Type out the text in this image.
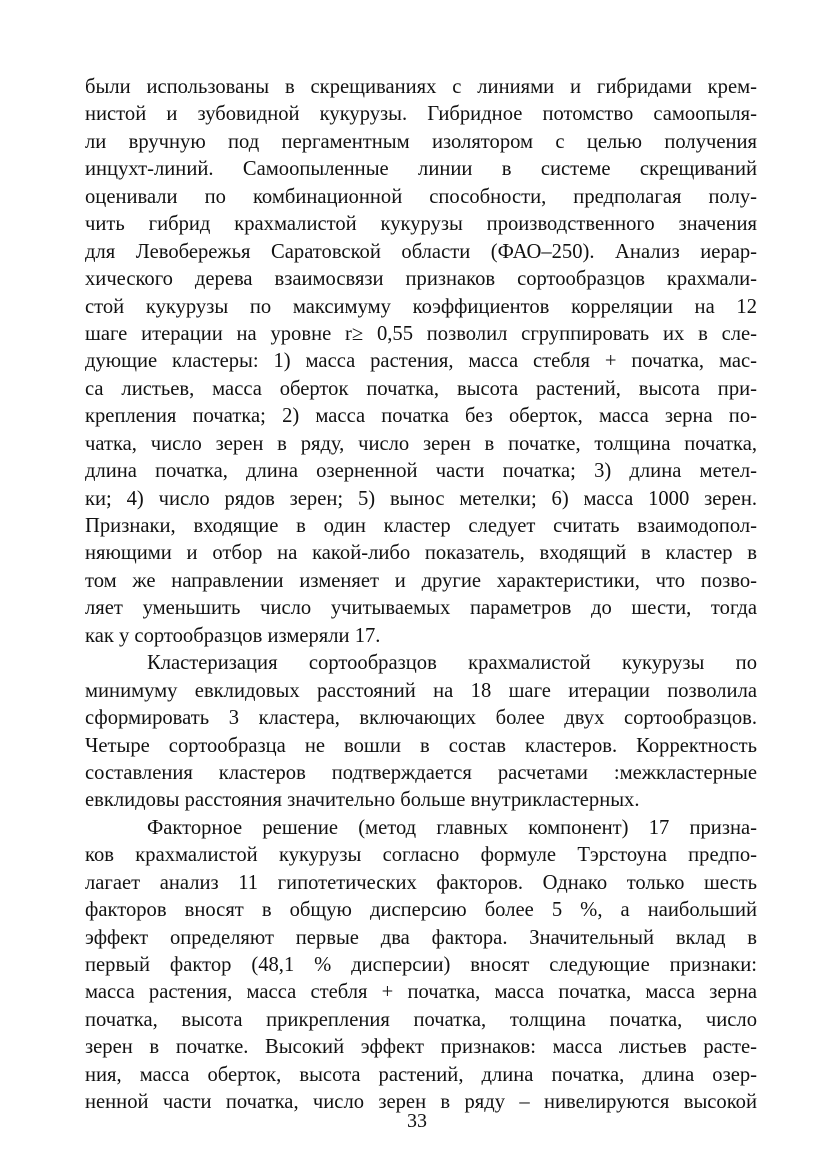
были использованы в скрещиваниях с линиями и гибридами крем-
нистой и зубовидной кукурузы. Гибридное потомство самоопыля-
ли вручную под пергаментным изолятором с целью получения
инцухт-линий. Самоопыленные линии в системе скрещиваний
оценивали по комбинационной способности, предполагая полу-
чить гибрид крахмалистой кукурузы производственного значения
для Левобережья Саратовской области (ФАО–250). Анализ иерар-
хического дерева взаимосвязи признаков сортообразцов крахмали-
стой кукурузы по максимуму коэффициентов корреляции на 12
шаге итерации на уровне r≥ 0,55 позволил сгруппировать их в сле-
дующие кластеры: 1) масса растения, масса стебля + початка, мас-
са листьев, масса оберток початка, высота растений, высота при-
крепления початка; 2) масса початка без оберток, масса зерна по-
чатка, число зерен в ряду, число зерен в початке, толщина початка,
длина початка, длина озерненной части початка; 3) длина метел-
ки; 4) число рядов зерен; 5) вынос метелки; 6) масса 1000 зерен.
Признаки, входящие в один кластер следует считать взаимодопол-
няющими и отбор на какой-либо показатель, входящий в кластер в
том же направлении изменяет и другие характеристики, что позво-
ляет уменьшить число учитываемых параметров до шести, тогда
как у сортообразцов измеряли 17.
Кластеризация сортообразцов крахмалистой кукурузы по
минимуму евклидовых расстояний на 18 шаге итерации позволила
сформировать 3 кластера, включающих более двух сортообразцов.
Четыре сортообразца не вошли в состав кластеров. Корректность
составления кластеров подтверждается расчетами :межкластерные
евклидовы расстояния значительно больше внутрикластерных.
Факторное решение (метод главных компонент) 17 призна-
ков крахмалистой кукурузы согласно формуле Тэрстоуна предпо-
лагает анализ 11 гипотетических факторов. Однако только шесть
факторов вносят в общую дисперсию более 5 %, а наибольший
эффект определяют первые два фактора. Значительный вклад в
первый фактор (48,1 % дисперсии) вносят следующие признаки:
масса растения, масса стебля + початка, масса початка, масса зерна
початка, высота прикрепления початка, толщина початка, число
зерен в початке. Высокий эффект признаков: масса листьев расте-
ния, масса оберток, высота растений, длина початка, длина озер-
ненной части початка, число зерен в ряду – нивелируются высокой
33
